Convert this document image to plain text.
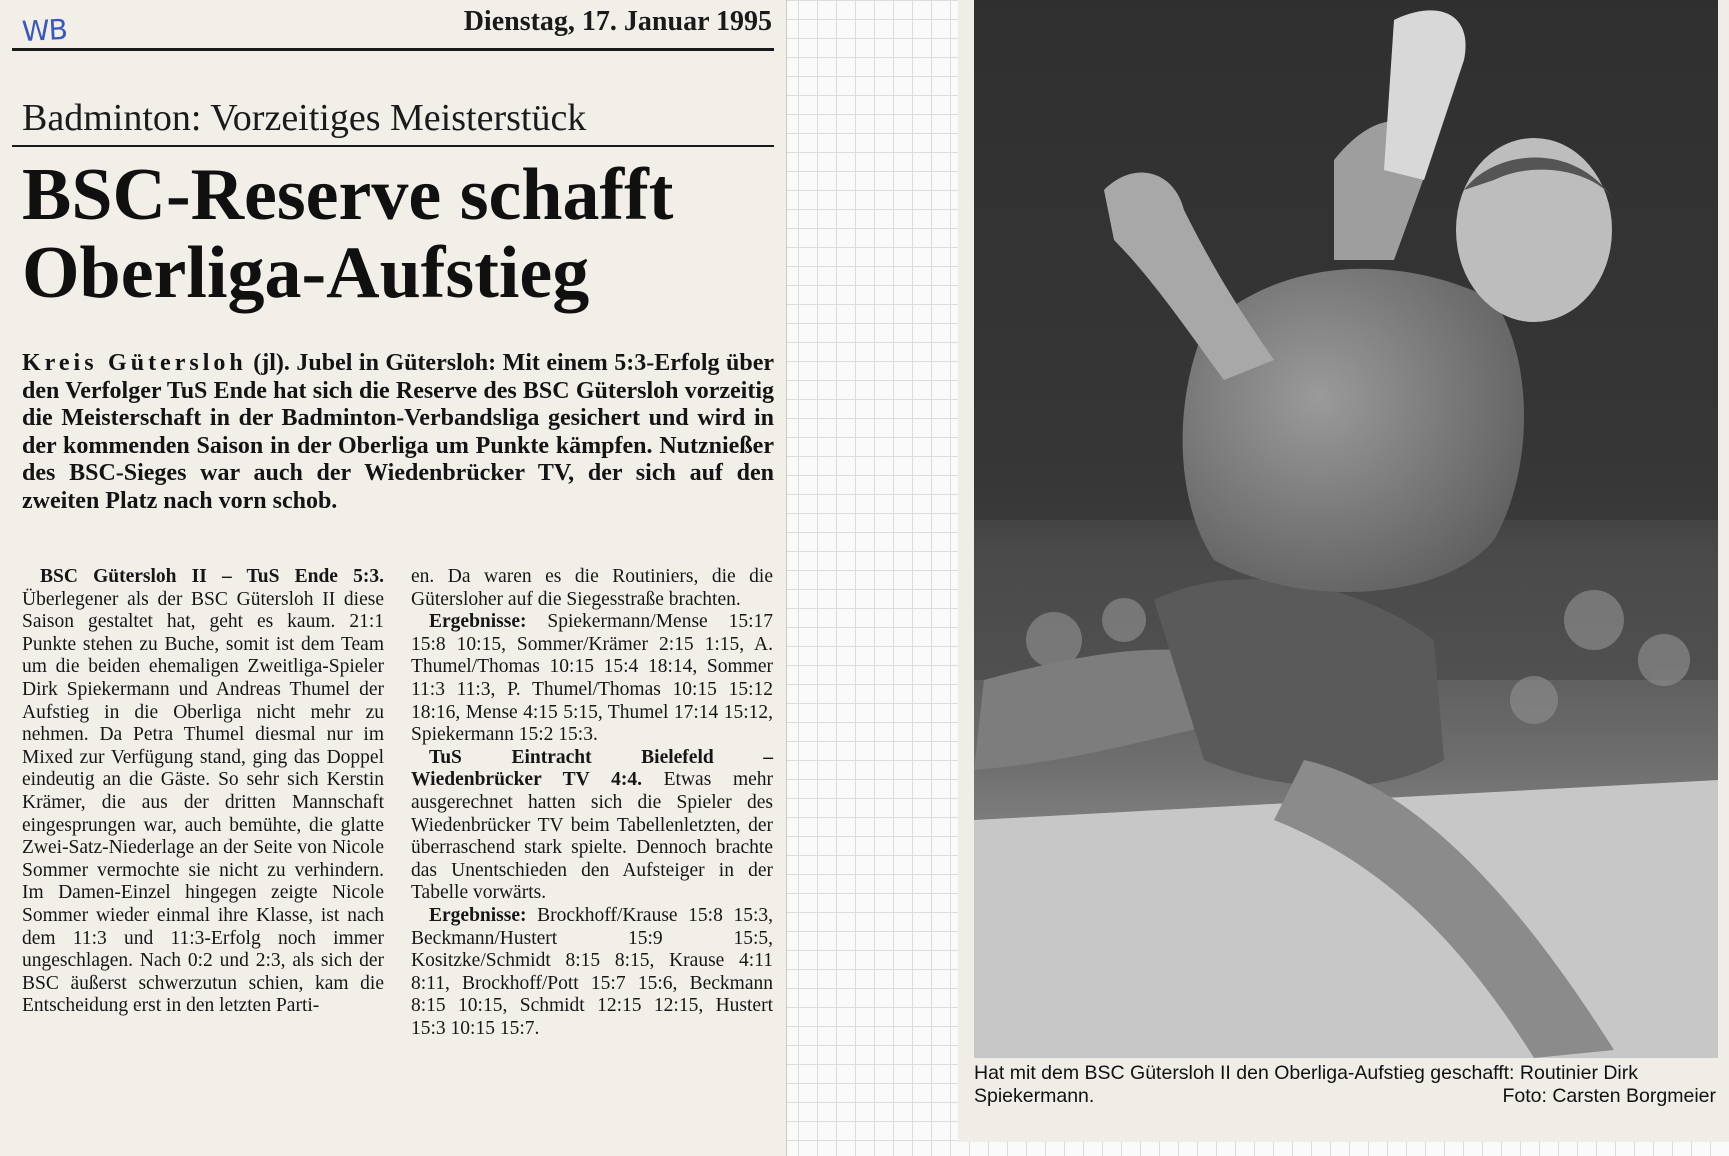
WB	Dienstag, 17. Januar 1995
Badminton: Vorzeitiges Meisterstück
BSC-Reserve schafft
Oberliga-Aufstieg
Kreis Gütersloh (jl). Jubel in Gütersloh: Mit einem 5:3-Erfolg über den Verfolger TuS Ende hat sich die Reserve des BSC Gütersloh vorzeitig die Meisterschaft in der Badminton-Verbandsliga gesichert und wird in der kommenden Saison in der Oberliga um Punkte kämpfen. Nutznießer des BSC-Sieges war auch der Wiedenbrücker TV, der sich auf den zweiten Platz nach vorn schob.

BSC Gütersloh II – TuS Ende 5:3. Überlegener als der BSC Gütersloh II diese Saison gestaltet hat, geht es kaum. 21:1 Punkte stehen zu Buche, somit ist dem Team um die beiden ehemaligen Zweitliga-Spieler Dirk Spiekermann und Andreas Thumel der Aufstieg in die Oberliga nicht mehr zu nehmen. Da Petra Thumel diesmal nur im Mixed zur Verfügung stand, ging das Doppel eindeutig an die Gäste. So sehr sich Kerstin Krämer, die aus der dritten Mannschaft eingesprungen war, auch bemühte, die glatte Zwei-Satz-Niederlage an der Seite von Nicole Sommer vermochte sie nicht zu verhindern. Im Damen-Einzel hingegen zeigte Nicole Sommer wieder einmal ihre Klasse, ist nach dem 11:3 und 11:3-Erfolg noch immer ungeschlagen. Nach 0:2 und 2:3, als sich der BSC äußerst schwerzutun schien, kam die Entscheidung erst in den letzten Parti-

en. Da waren es die Routiniers, die die Gütersloher auf die Siegesstraße brachten.

Ergebnisse: Spiekermann/Mense 15:17 15:8 10:15, Sommer/Krämer 2:15 1:15, A. Thumel/Thomas 10:15 15:4 18:14, Sommer 11:3 11:3, P. Thumel/Thomas 10:15 15:12 18:16, Mense 4:15 5:15, Thumel 17:14 15:12, Spiekermann 15:2 15:3.

TuS Eintracht Bielefeld – Wiedenbrücker TV 4:4. Etwas mehr ausgerechnet hatten sich die Spieler des Wiedenbrücker TV beim Tabellenletzten, der überraschend stark spielte. Dennoch brachte das Unentschieden den Aufsteiger in der Tabelle vorwärts.

Ergebnisse: Brockhoff/Krause 15:8 15:3, Beckmann/Hustert 15:9 15:5, Kositzke/Schmidt 8:15 8:15, Krause 4:11 8:11, Brockhoff/Pott 15:7 15:6, Beckmann 8:15 10:15, Schmidt 12:15 12:15, Hustert 15:3 10:15 15:7.

Hat mit dem BSC Gütersloh II den Oberliga-Aufstieg geschafft: Routinier Dirk Spiekermann.	Foto: Carsten Borgmeier
